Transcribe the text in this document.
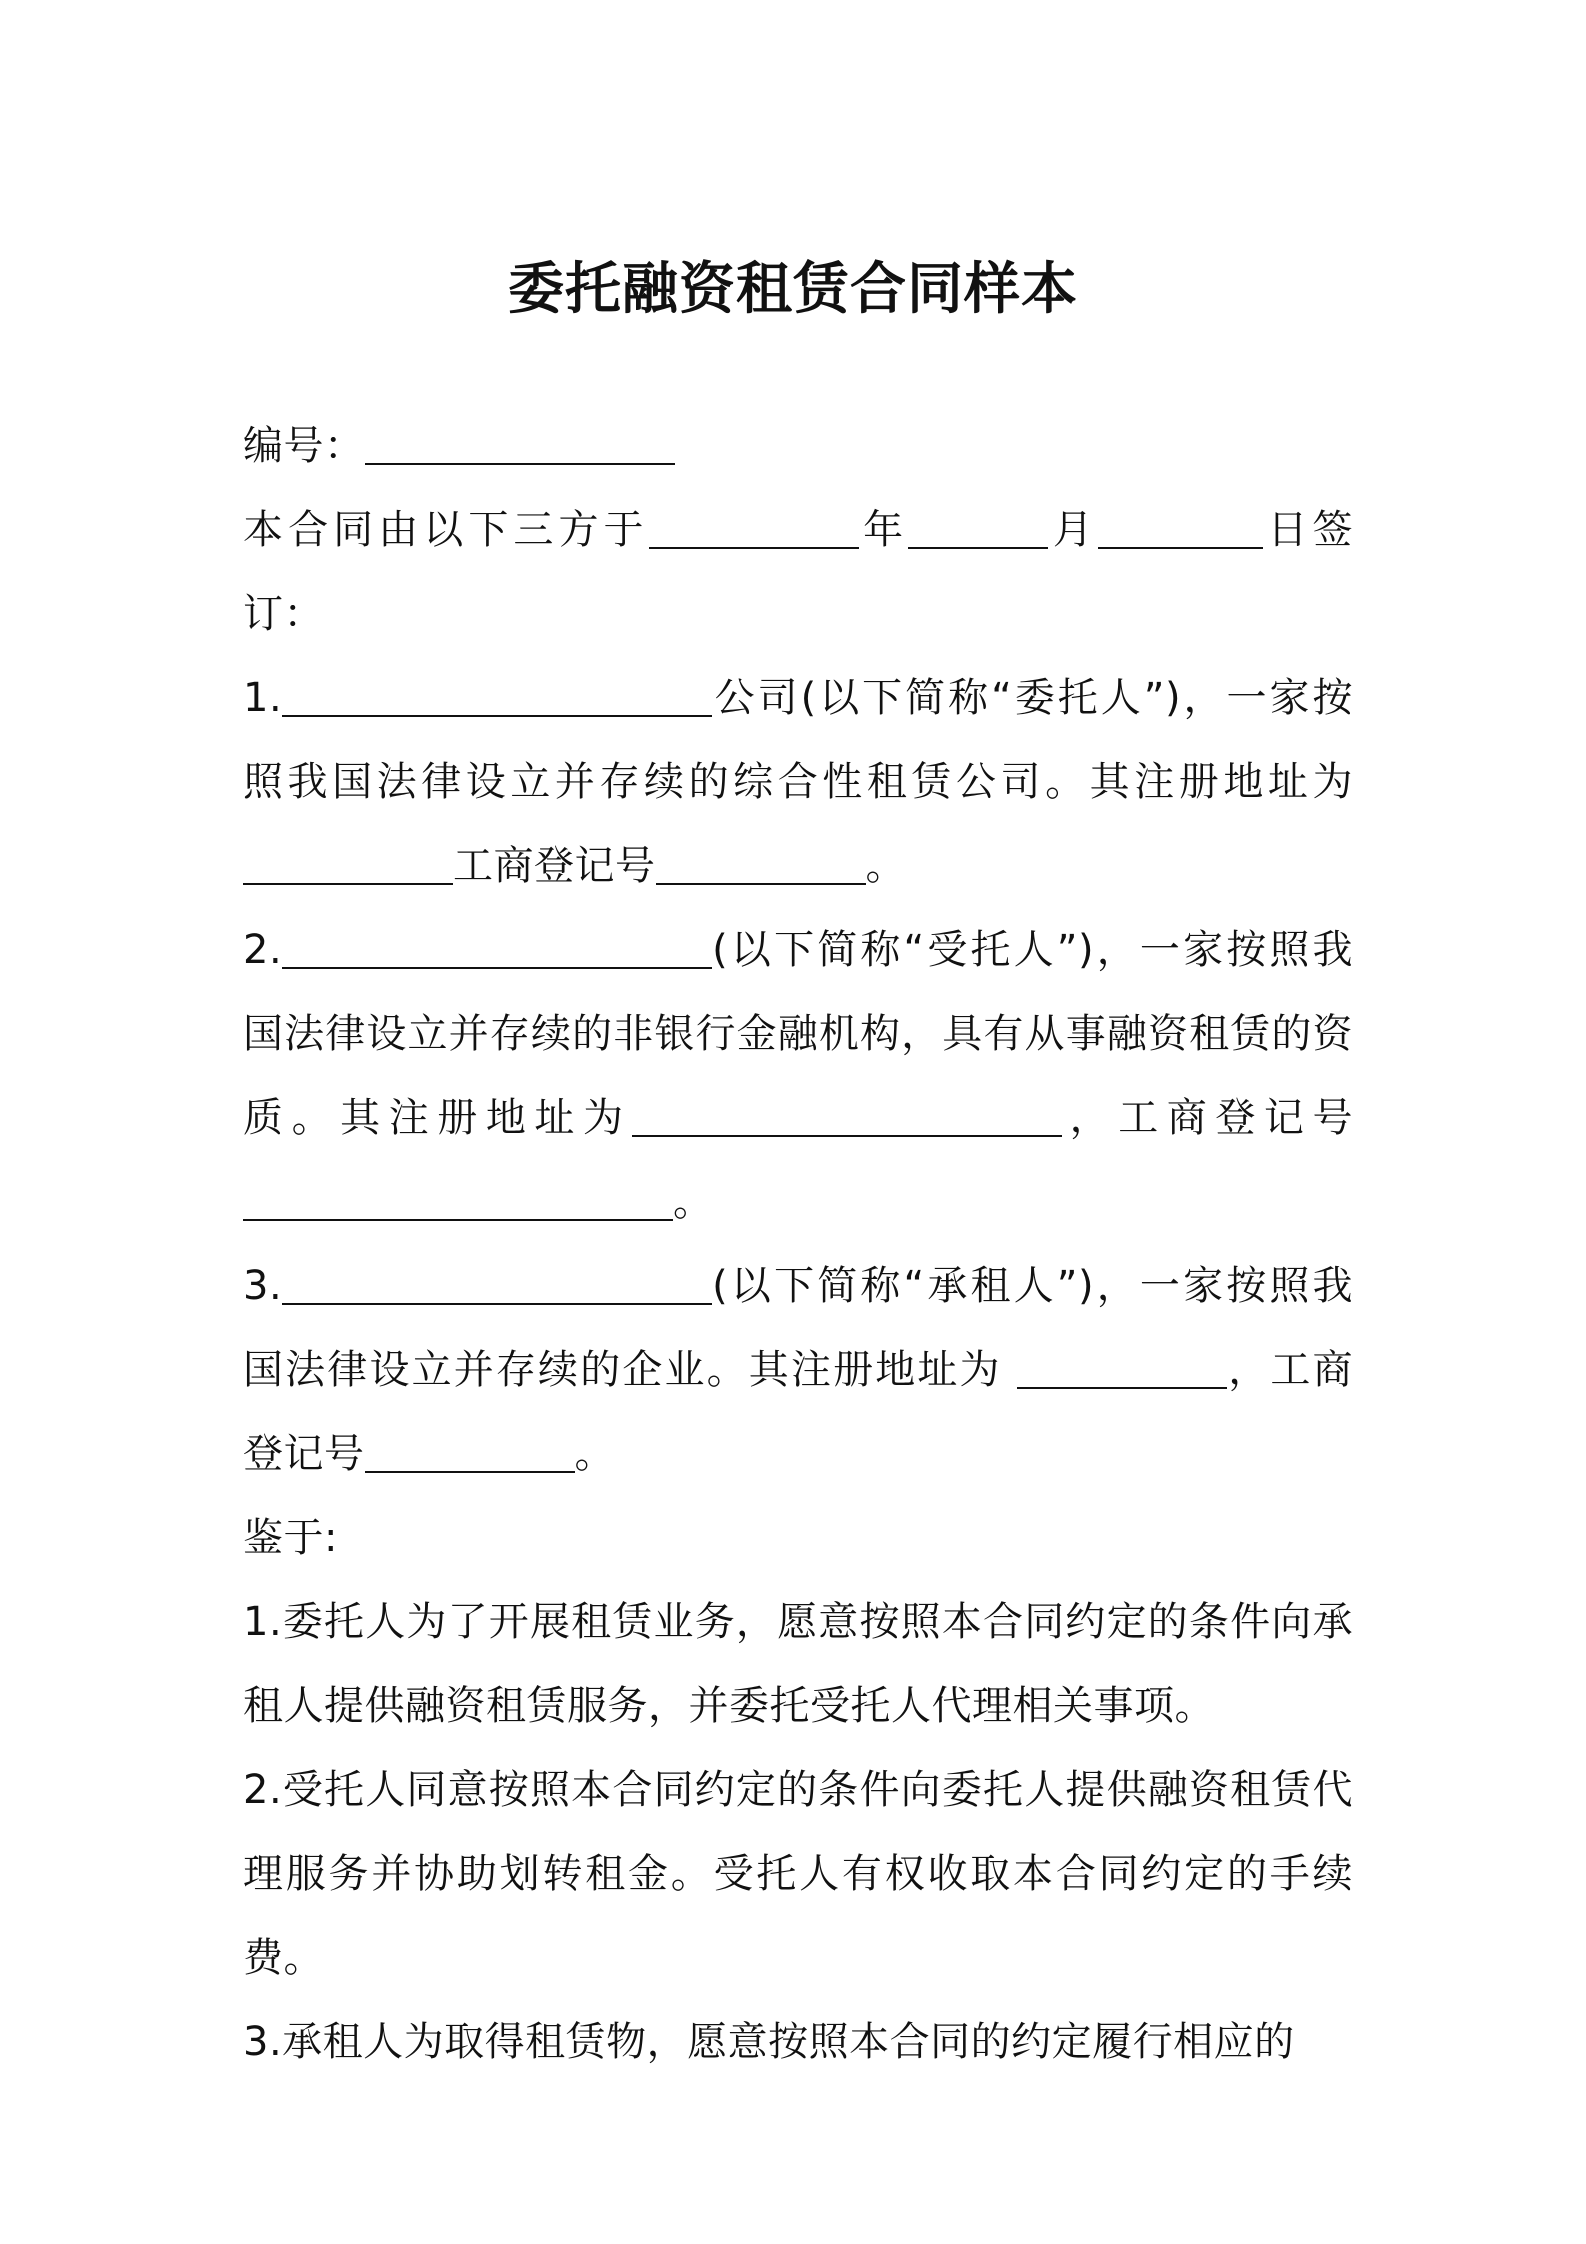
委托融资租赁合同样本

编号：

本合同由以下三方于	年	月	日签订：

1.	公司(以下简称“委托人”)，一家按照我国法律设立并存续的综合性租赁公司。其注册地址为工商登记号	。

2.	(以下简称“受托人”)，一家按照我国法律设立并存续的非银行金融机构，具有从事融资租赁的资质。其注册地址为	，工商登记号。

3.	(以下简称“承租人”)，一家按照我国法律设立并存续的企业。其注册地址为	，工商登记号	。

鉴于:

1.委托人为了开展租赁业务，愿意按照本合同约定的条件向承租人提供融资租赁服务，并委托受托人代理相关事项。

2.受托人同意按照本合同约定的条件向委托人提供融资租赁代理服务并协助划转租金。受托人有权收取本合同约定的手续费。

3.承租人为取得租赁物，愿意按照本合同的约定履行相应的
